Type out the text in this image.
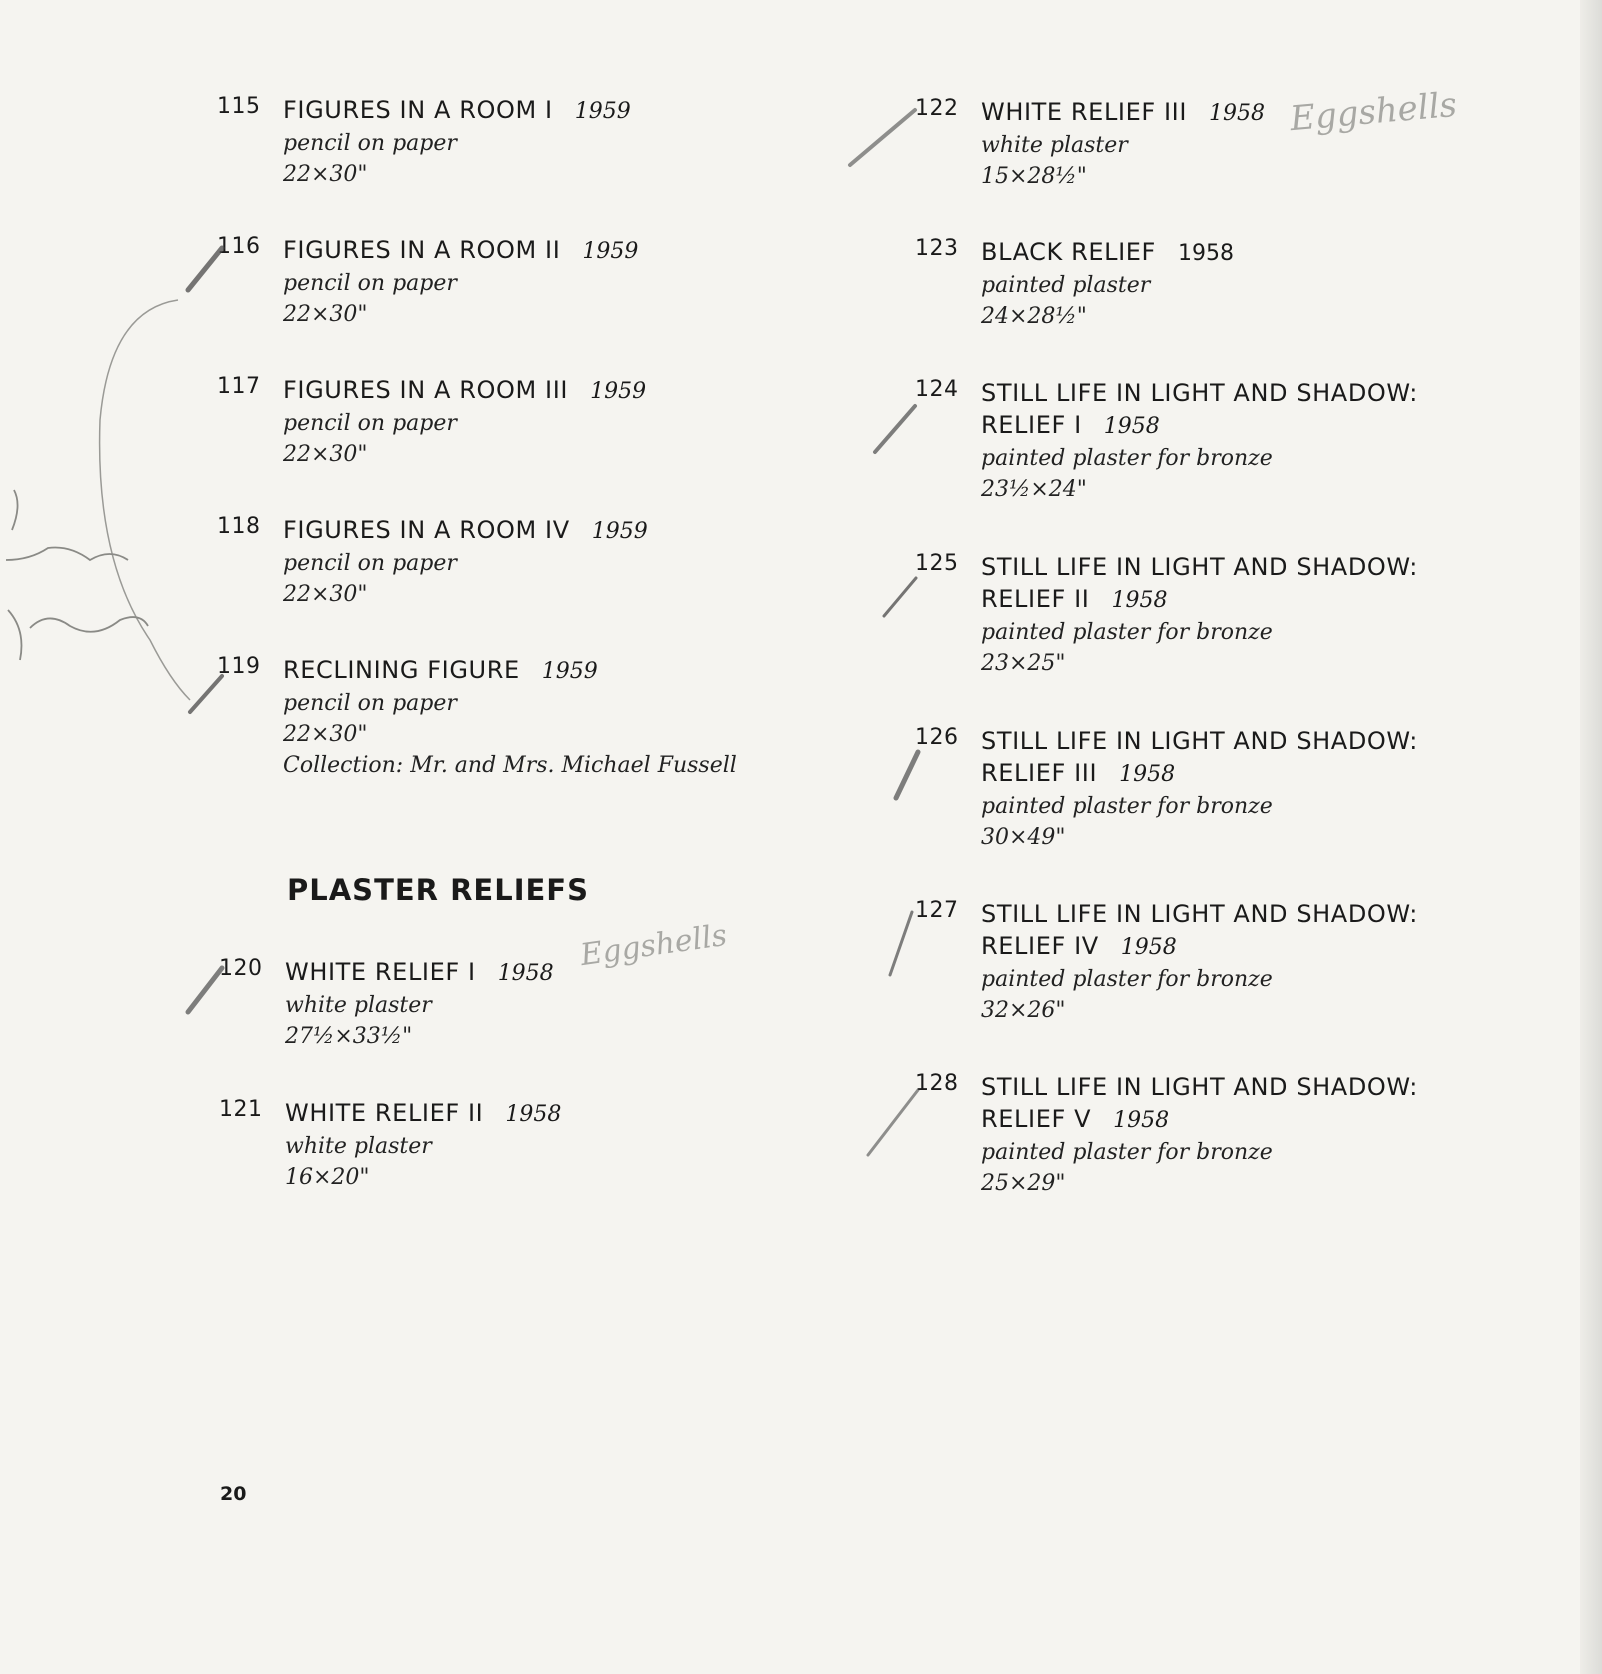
115 FIGURES IN A ROOM I 1959
pencil on paper
22×30"
116 FIGURES IN A ROOM II 1959
pencil on paper
22×30"
117 FIGURES IN A ROOM III 1959
pencil on paper
22×30"
118 FIGURES IN A ROOM IV 1959
pencil on paper
22×30"
119 RECLINING FIGURE 1959
pencil on paper
22×30"
Collection: Mr. and Mrs. Michael Fussell
PLASTER RELIEFS
120 WHITE RELIEF I 1958
white plaster
27½×33½"
121 WHITE RELIEF II 1958
white plaster
16×20"
122 WHITE RELIEF III 1958
white plaster
15×28½"
123 BLACK RELIEF 1958
painted plaster
24×28½"
124 STILL LIFE IN LIGHT AND SHADOW:
RELIEF I 1958
painted plaster for bronze
23½×24"
125 STILL LIFE IN LIGHT AND SHADOW:
RELIEF II 1958
painted plaster for bronze
23×25"
126 STILL LIFE IN LIGHT AND SHADOW:
RELIEF III 1958
painted plaster for bronze
30×49"
127 STILL LIFE IN LIGHT AND SHADOW:
RELIEF IV 1958
painted plaster for bronze
32×26"
128 STILL LIFE IN LIGHT AND SHADOW:
RELIEF V 1958
painted plaster for bronze
25×29"
Eggshells
Eggshells
20
